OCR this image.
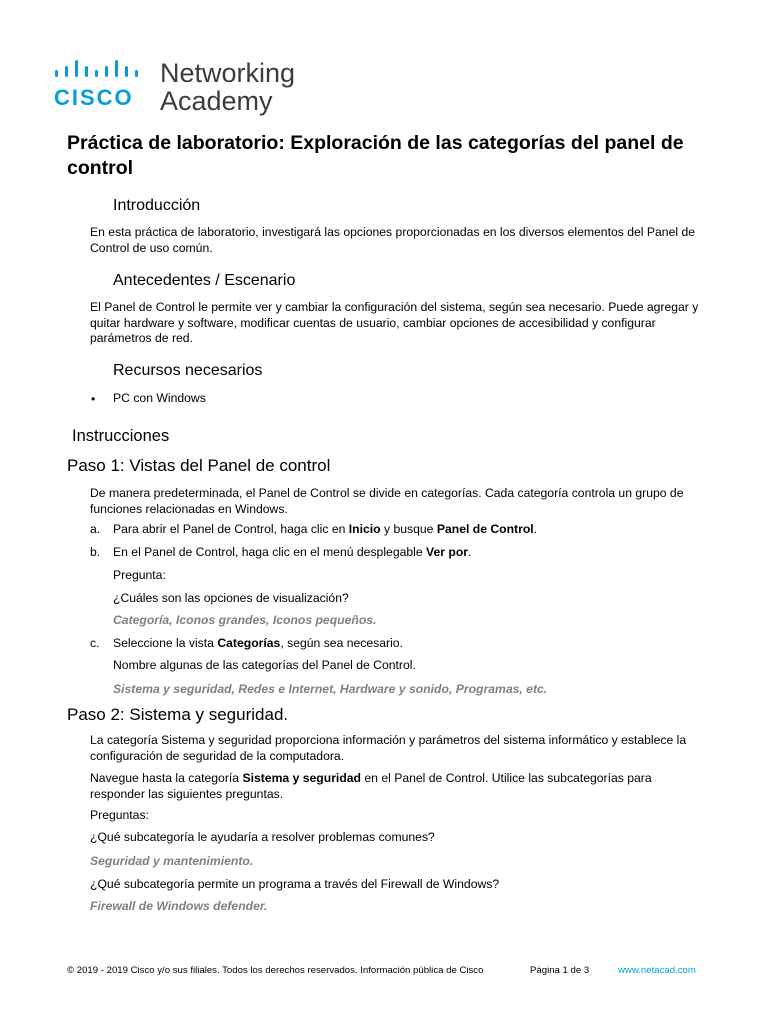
CISCO
Networking
Academy
Práctica de laboratorio: Exploración de las categorías del panel de control
Introducción
En esta práctica de laboratorio, investigará las opciones proporcionadas en los diversos elementos del Panel de Control de uso común.
Antecedentes / Escenario
El Panel de Control le permite ver y cambiar la configuración del sistema, según sea necesario. Puede agregar y quitar hardware y software, modificar cuentas de usuario, cambiar opciones de accesibilidad y configurar parámetros de red.
Recursos necesarios
• PC con Windows
Instrucciones
Paso 1: Vistas del Panel de control
De manera predeterminada, el Panel de Control se divide en categorías. Cada categoría controla un grupo de funciones relacionadas en Windows.
a. Para abrir el Panel de Control, haga clic en Inicio y busque Panel de Control.
b. En el Panel de Control, haga clic en el menú desplegable Ver por.
Pregunta:
¿Cuáles son las opciones de visualización?
Categoría, Iconos grandes, Iconos pequeños.
c. Seleccione la vista Categorías, según sea necesario.
Nombre algunas de las categorías del Panel de Control.
Sistema y seguridad, Redes e Internet, Hardware y sonido, Programas, etc.
Paso 2: Sistema y seguridad.
La categoría Sistema y seguridad proporciona información y parámetros del sistema informático y establece la configuración de seguridad de la computadora.
Navegue hasta la categoría Sistema y seguridad en el Panel de Control. Utilice las subcategorías para responder las siguientes preguntas.
Preguntas:
¿Qué subcategoría le ayudaría a resolver problemas comunes?
Seguridad y mantenimiento.
¿Qué subcategoría permite un programa a través del Firewall de Windows?
Firewall de Windows defender.
© 2019 - 2019 Cisco y/o sus filiales. Todos los derechos reservados. Información pública de Cisco	Página 1 de 3	www.netacad.com
